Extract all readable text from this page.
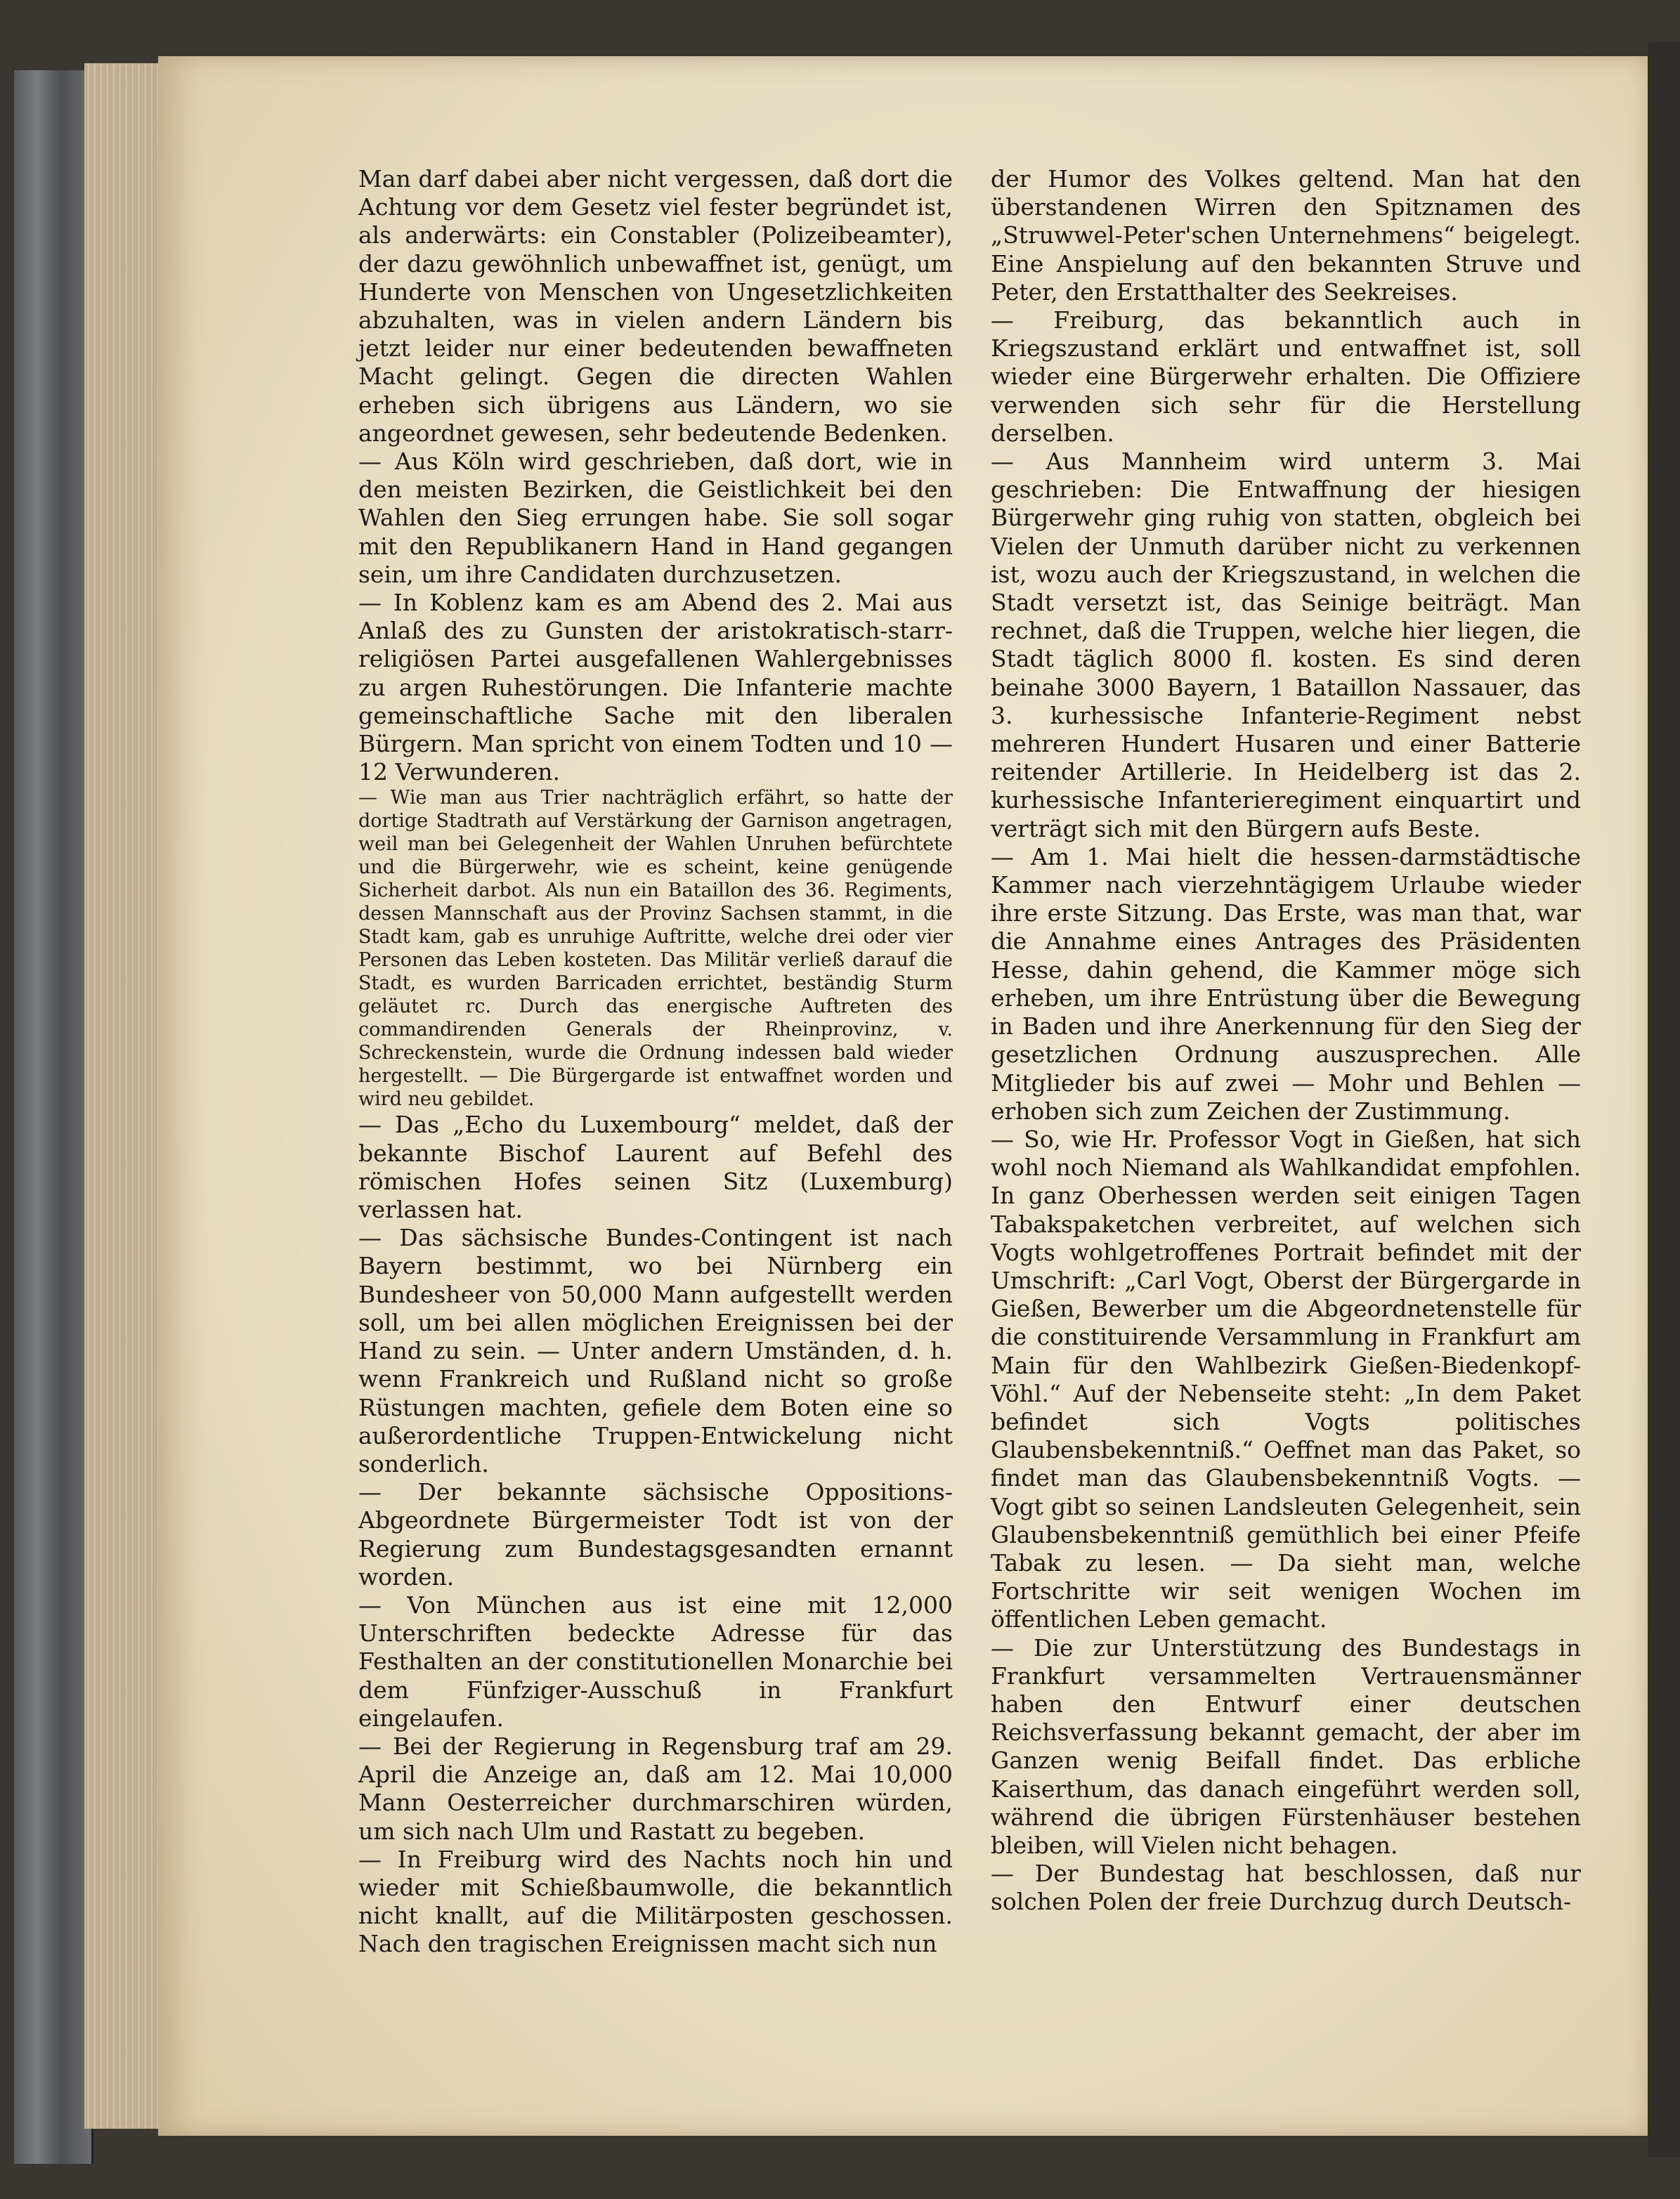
Man darf dabei aber nicht vergessen, daß dort die Achtung vor dem Gesetz viel fester begründet ist, als anderwärts: ein Constabler (Polizeibeamter), der dazu gewöhnlich unbewaffnet ist, genügt, um Hunderte von Menschen von Ungesetzlichkeiten abzuhalten, was in vielen andern Ländern bis jetzt leider nur einer bedeutenden bewaffneten Macht gelingt. Gegen die directen Wahlen erheben sich übrigens aus Ländern, wo sie angeordnet gewesen, sehr bedeutende Bedenken.

— Aus Köln wird geschrieben, daß dort, wie in den meisten Bezirken, die Geistlichkeit bei den Wahlen den Sieg errungen habe. Sie soll sogar mit den Republikanern Hand in Hand gegangen sein, um ihre Candidaten durchzusetzen.

— In Koblenz kam es am Abend des 2. Mai aus Anlaß des zu Gunsten der aristokratisch-starr-religiösen Partei ausgefallenen Wahlergebnisses zu argen Ruhestörungen. Die Infanterie machte gemeinschaftliche Sache mit den liberalen Bürgern. Man spricht von einem Todten und 10 — 12 Verwunderen.

— Wie man aus Trier nachträglich erfährt, so hatte der dortige Stadtrath auf Verstärkung der Garnison angetragen, weil man bei Gelegenheit der Wahlen Unruhen befürchtete und die Bürgerwehr, wie es scheint, keine genügende Sicherheit darbot. Als nun ein Bataillon des 36. Regiments, dessen Mannschaft aus der Provinz Sachsen stammt, in die Stadt kam, gab es unruhige Auftritte, welche drei oder vier Personen das Leben kosteten. Das Militär verließ darauf die Stadt, es wurden Barricaden errichtet, beständig Sturm geläutet rc. Durch das energische Auftreten des commandirenden Generals der Rheinprovinz, v. Schreckenstein, wurde die Ordnung indessen bald wieder hergestellt. — Die Bürgergarde ist entwaffnet worden und wird neu gebildet.

— Das „Echo du Luxembourg“ meldet, daß der bekannte Bischof Laurent auf Befehl des römischen Hofes seinen Sitz (Luxemburg) verlassen hat.

— Das sächsische Bundes-Contingent ist nach Bayern bestimmt, wo bei Nürnberg ein Bundesheer von 50,000 Mann aufgestellt werden soll, um bei allen möglichen Ereignissen bei der Hand zu sein. — Unter andern Umständen, d. h. wenn Frankreich und Rußland nicht so große Rüstungen machten, gefiele dem Boten eine so außerordentliche Truppen-Entwickelung nicht sonderlich.

— Der bekannte sächsische Oppositions-Abgeordnete Bürgermeister Todt ist von der Regierung zum Bundestagsgesandten ernannt worden.

— Von München aus ist eine mit 12,000 Unterschriften bedeckte Adresse für das Festhalten an der constitutionellen Monarchie bei dem Fünfziger-Ausschuß in Frankfurt eingelaufen.

— Bei der Regierung in Regensburg traf am 29. April die Anzeige an, daß am 12. Mai 10,000 Mann Oesterreicher durchmarschiren würden, um sich nach Ulm und Rastatt zu begeben.

— In Freiburg wird des Nachts noch hin und wieder mit Schießbaumwolle, die bekanntlich nicht knallt, auf die Militärposten geschossen. Nach den tragischen Ereignissen macht sich nun

der Humor des Volkes geltend. Man hat den überstandenen Wirren den Spitznamen des „Struwwel-Peter'schen Unternehmens“ beigelegt. Eine Anspielung auf den bekannten Struve und Peter, den Erstatthalter des Seekreises.

— Freiburg, das bekanntlich auch in Kriegszustand erklärt und entwaffnet ist, soll wieder eine Bürgerwehr erhalten. Die Offiziere verwenden sich sehr für die Herstellung derselben.

— Aus Mannheim wird unterm 3. Mai geschrieben: Die Entwaffnung der hiesigen Bürgerwehr ging ruhig von statten, obgleich bei Vielen der Unmuth darüber nicht zu verkennen ist, wozu auch der Kriegszustand, in welchen die Stadt versetzt ist, das Seinige beiträgt. Man rechnet, daß die Truppen, welche hier liegen, die Stadt täglich 8000 fl. kosten. Es sind deren beinahe 3000 Bayern, 1 Bataillon Nassauer, das 3. kurhessische Infanterie-Regiment nebst mehreren Hundert Husaren und einer Batterie reitender Artillerie. In Heidelberg ist das 2. kurhessische Infanterieregiment einquartirt und verträgt sich mit den Bürgern aufs Beste.

— Am 1. Mai hielt die hessen-darmstädtische Kammer nach vierzehntägigem Urlaube wieder ihre erste Sitzung. Das Erste, was man that, war die Annahme eines Antrages des Präsidenten Hesse, dahin gehend, die Kammer möge sich erheben, um ihre Entrüstung über die Bewegung in Baden und ihre Anerkennung für den Sieg der gesetzlichen Ordnung auszusprechen. Alle Mitglieder bis auf zwei — Mohr und Behlen — erhoben sich zum Zeichen der Zustimmung.

— So, wie Hr. Professor Vogt in Gießen, hat sich wohl noch Niemand als Wahlkandidat empfohlen. In ganz Oberhessen werden seit einigen Tagen Tabakspaketchen verbreitet, auf welchen sich Vogts wohlgetroffenes Portrait befindet mit der Umschrift: „Carl Vogt, Oberst der Bürgergarde in Gießen, Bewerber um die Abgeordnetenstelle für die constituirende Versammlung in Frankfurt am Main für den Wahlbezirk Gießen-Biedenkopf-Vöhl.“ Auf der Nebenseite steht: „In dem Paket befindet sich Vogts politisches Glaubensbekenntniß.“ Oeffnet man das Paket, so findet man das Glaubensbekenntniß Vogts. — Vogt gibt so seinen Landsleuten Gelegenheit, sein Glaubensbekenntniß gemüthlich bei einer Pfeife Tabak zu lesen. — Da sieht man, welche Fortschritte wir seit wenigen Wochen im öffentlichen Leben gemacht.

— Die zur Unterstützung des Bundestags in Frankfurt versammelten Vertrauensmänner haben den Entwurf einer deutschen Reichsverfassung bekannt gemacht, der aber im Ganzen wenig Beifall findet. Das erbliche Kaiserthum, das danach eingeführt werden soll, während die übrigen Fürstenhäuser bestehen bleiben, will Vielen nicht behagen.

— Der Bundestag hat beschlossen, daß nur solchen Polen der freie Durchzug durch Deutsch-
